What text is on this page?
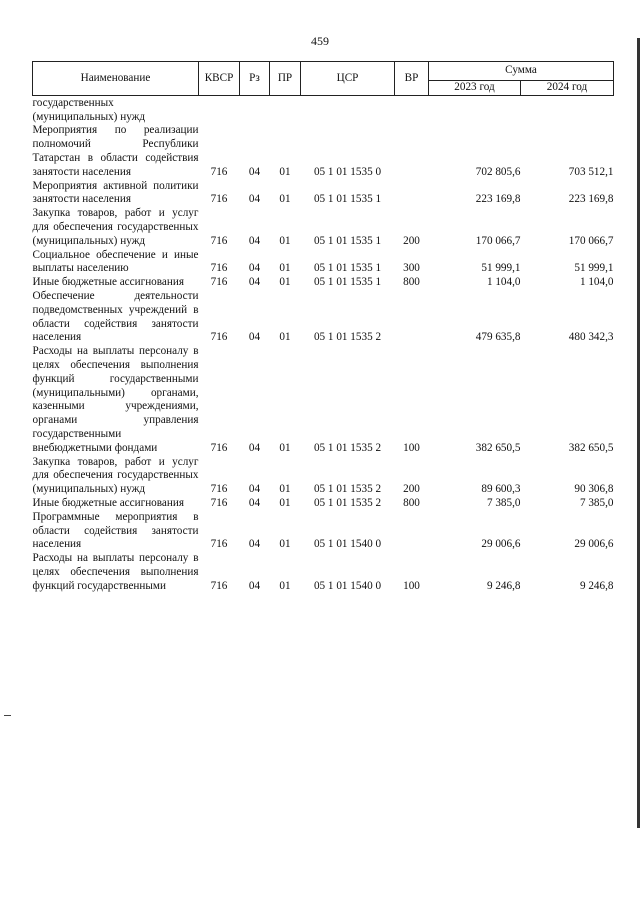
459
Наименование	КВСР	Рз	ПР	ЦСР	ВР	Сумма	
						2023 год	2024 год
государственных (муниципальных) нужд							
Мероприятия по реализации полномочий Республики Татарстан в области содействия занятости населения	716	04	01	05 1 01 1535 0		702 805,6	703 512,1
Мероприятия активной политики занятости населения	716	04	01	05 1 01 1535 1		223 169,8	223 169,8
Закупка товаров, работ и услуг для обеспечения государственных (муниципальных) нужд	716	04	01	05 1 01 1535 1	200	170 066,7	170 066,7
Социальное обеспечение и иные выплаты населению	716	04	01	05 1 01 1535 1	300	51 999,1	51 999,1
Иные бюджетные ассигнования	716	04	01	05 1 01 1535 1	800	1 104,0	1 104,0
Обеспечение деятельности подведомственных учреждений в области содействия занятости населения	716	04	01	05 1 01 1535 2		479 635,8	480 342,3
Расходы на выплаты персоналу в целях обеспечения выполнения функций государственными (муниципальными) органами, казенными учреждениями, органами управления государственными внебюджетными фондами	716	04	01	05 1 01 1535 2	100	382 650,5	382 650,5
Закупка товаров, работ и услуг для обеспечения государственных (муниципальных) нужд	716	04	01	05 1 01 1535 2	200	89 600,3	90 306,8
Иные бюджетные ассигнования	716	04	01	05 1 01 1535 2	800	7 385,0	7 385,0
Программные мероприятия в области содействия занятости населения	716	04	01	05 1 01 1540 0		29 006,6	29 006,6
Расходы на выплаты персоналу в целях обеспечения выполнения функций государственными	716	04	01	05 1 01 1540 0	100	9 246,8	9 246,8
